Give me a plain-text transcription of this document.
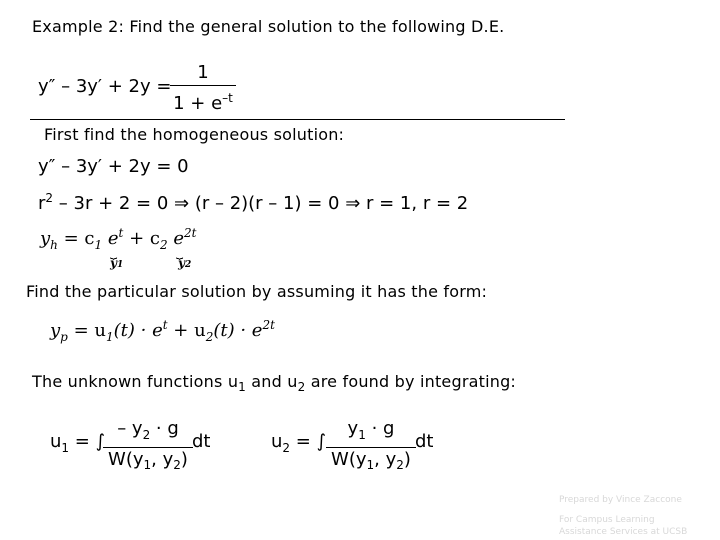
Example 2: Find the general solution to the following D.E.
y″ – 3y′ + 2y =
1
$1 + e^{-t}$
First find the homogeneous solution:
y″ – 3y′ + 2y = 0
$r^2 - 3r + 2 = 0$ ⇒ (r – 2)(r – 1) = 0 ⇒ r = 1, r = 2
$y_h = c_1$ $e^t + c_2$ $e^{2t}$
⏟	⏟
y1	y2
Find the particular solution by assuming it has the form:
$y_p = u_1(t) \cdot e^t + u_2(t) \cdot e^{2t}$
The unknown functions $u_1$ and $u_2$ are found by integrating:
$u_1$ = ∫
– $y_2 \cdot g$
$W(y_1$, $y_2$)
dt	$u_2$ = ∫
$y_1 \cdot g$
$W(y_1$, $y_2$)
dt
Prepared by Vince Zaccone
For Campus Learning
Assistance Services at UCSB
